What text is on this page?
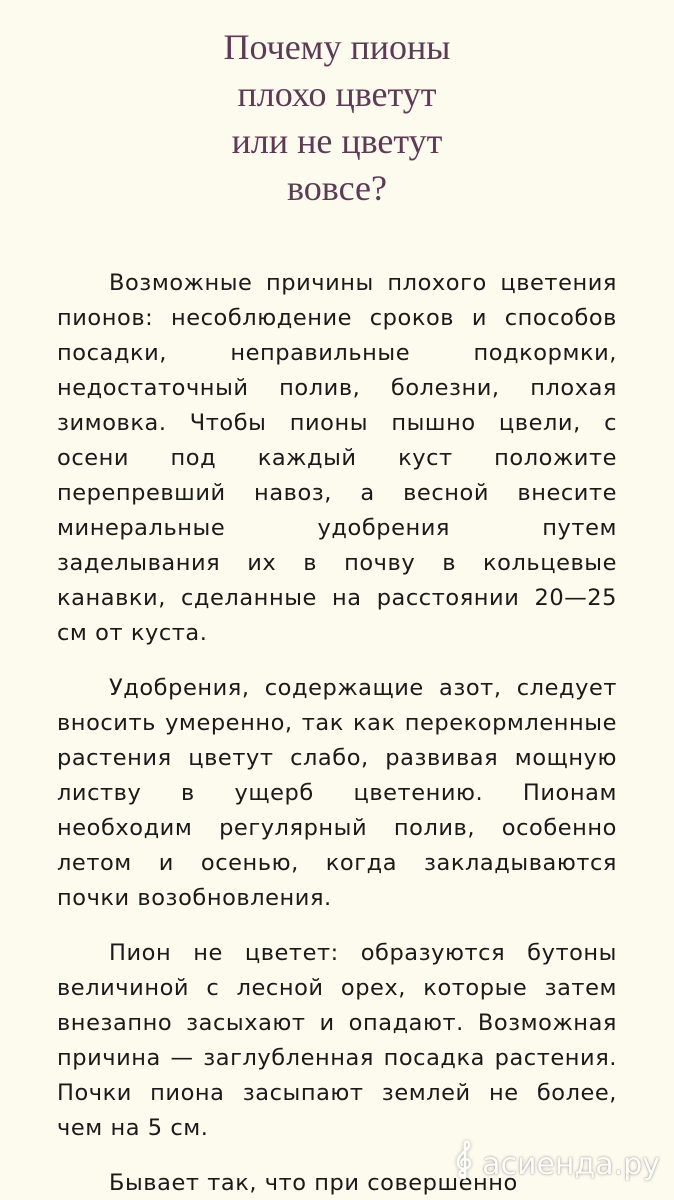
Почему пионы
плохо цветут
или не цветут
вовсе?

Возможные причины плохого цветения пионов: несоблюдение сроков и способов посадки, неправильные подкормки, недостаточный полив, болезни, плохая зимовка. Чтобы пионы пышно цвели, с осени под каждый куст положите перепревший навоз, а весной внесите минеральные удобрения путем заделывания их в почву в кольцевые канавки, сделанные на расстоянии 20—25 см от куста.

Удобрения, содержащие азот, следует вносить умеренно, так как перекормленные растения цветут слабо, развивая мощную листву в ущерб цветению. Пионам необходим регулярный полив, особенно летом и осенью, когда закладываются почки возобновления.

Пион не цветет: образуются бутоны величиной с лесной орех, которые затем внезапно засыхают и опадают. Возможная причина — заглубленная посадка растения. Почки пиона засыпают землей не более, чем на 5 см.

Бывает так, что при совершенно

асиенда.ру
